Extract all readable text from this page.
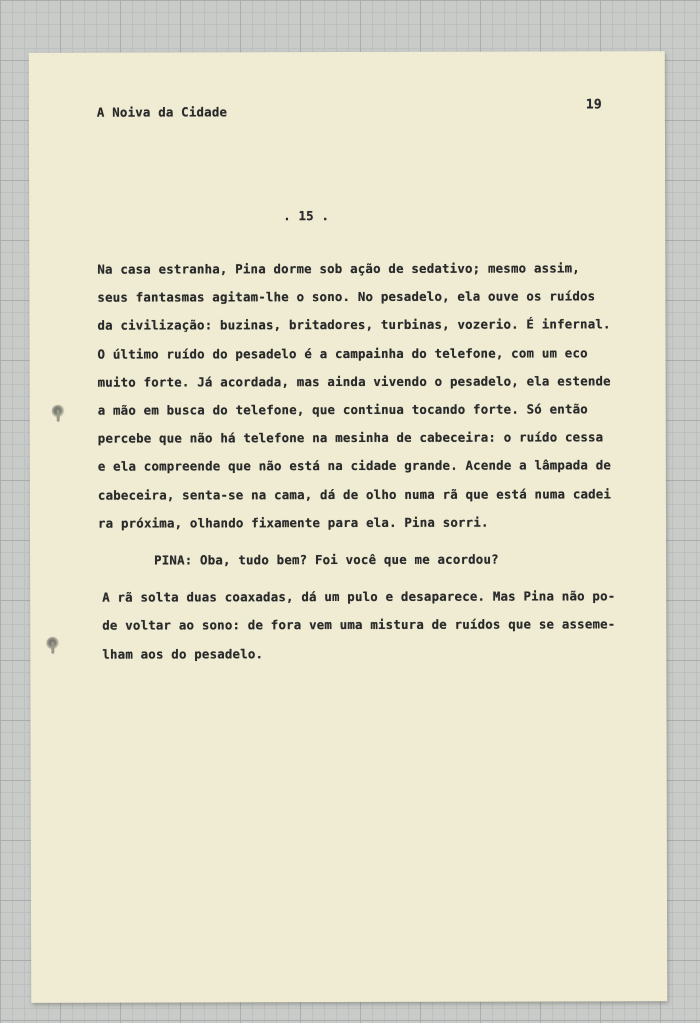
A Noiva da Cidade	19
. 15 .
Na casa estranha, Pina dorme sob ação de sedativo; mesmo assim,
seus fantasmas agitam-lhe o sono. No pesadelo, ela ouve os ruídos
da civilização: buzinas, britadores, turbinas, vozerio. É infernal.
O último ruído do pesadelo é a campainha do telefone, com um eco
muito forte. Já acordada, mas ainda vivendo o pesadelo, ela estende
a mão em busca do telefone, que continua tocando forte. Só então
percebe que não há telefone na mesinha de cabeceira: o ruído cessa
e ela compreende que não está na cidade grande. Acende a lâmpada de
cabeceira, senta-se na cama, dá de olho numa rã que está numa cadei
ra próxima, olhando fixamente para ela. Pina sorri.
PINA: Oba, tudo bem? Foi você que me acordou?
A rã solta duas coaxadas, dá um pulo e desaparece. Mas Pina não po-
de voltar ao sono: de fora vem uma mistura de ruídos que se asseme-
lham aos do pesadelo.
